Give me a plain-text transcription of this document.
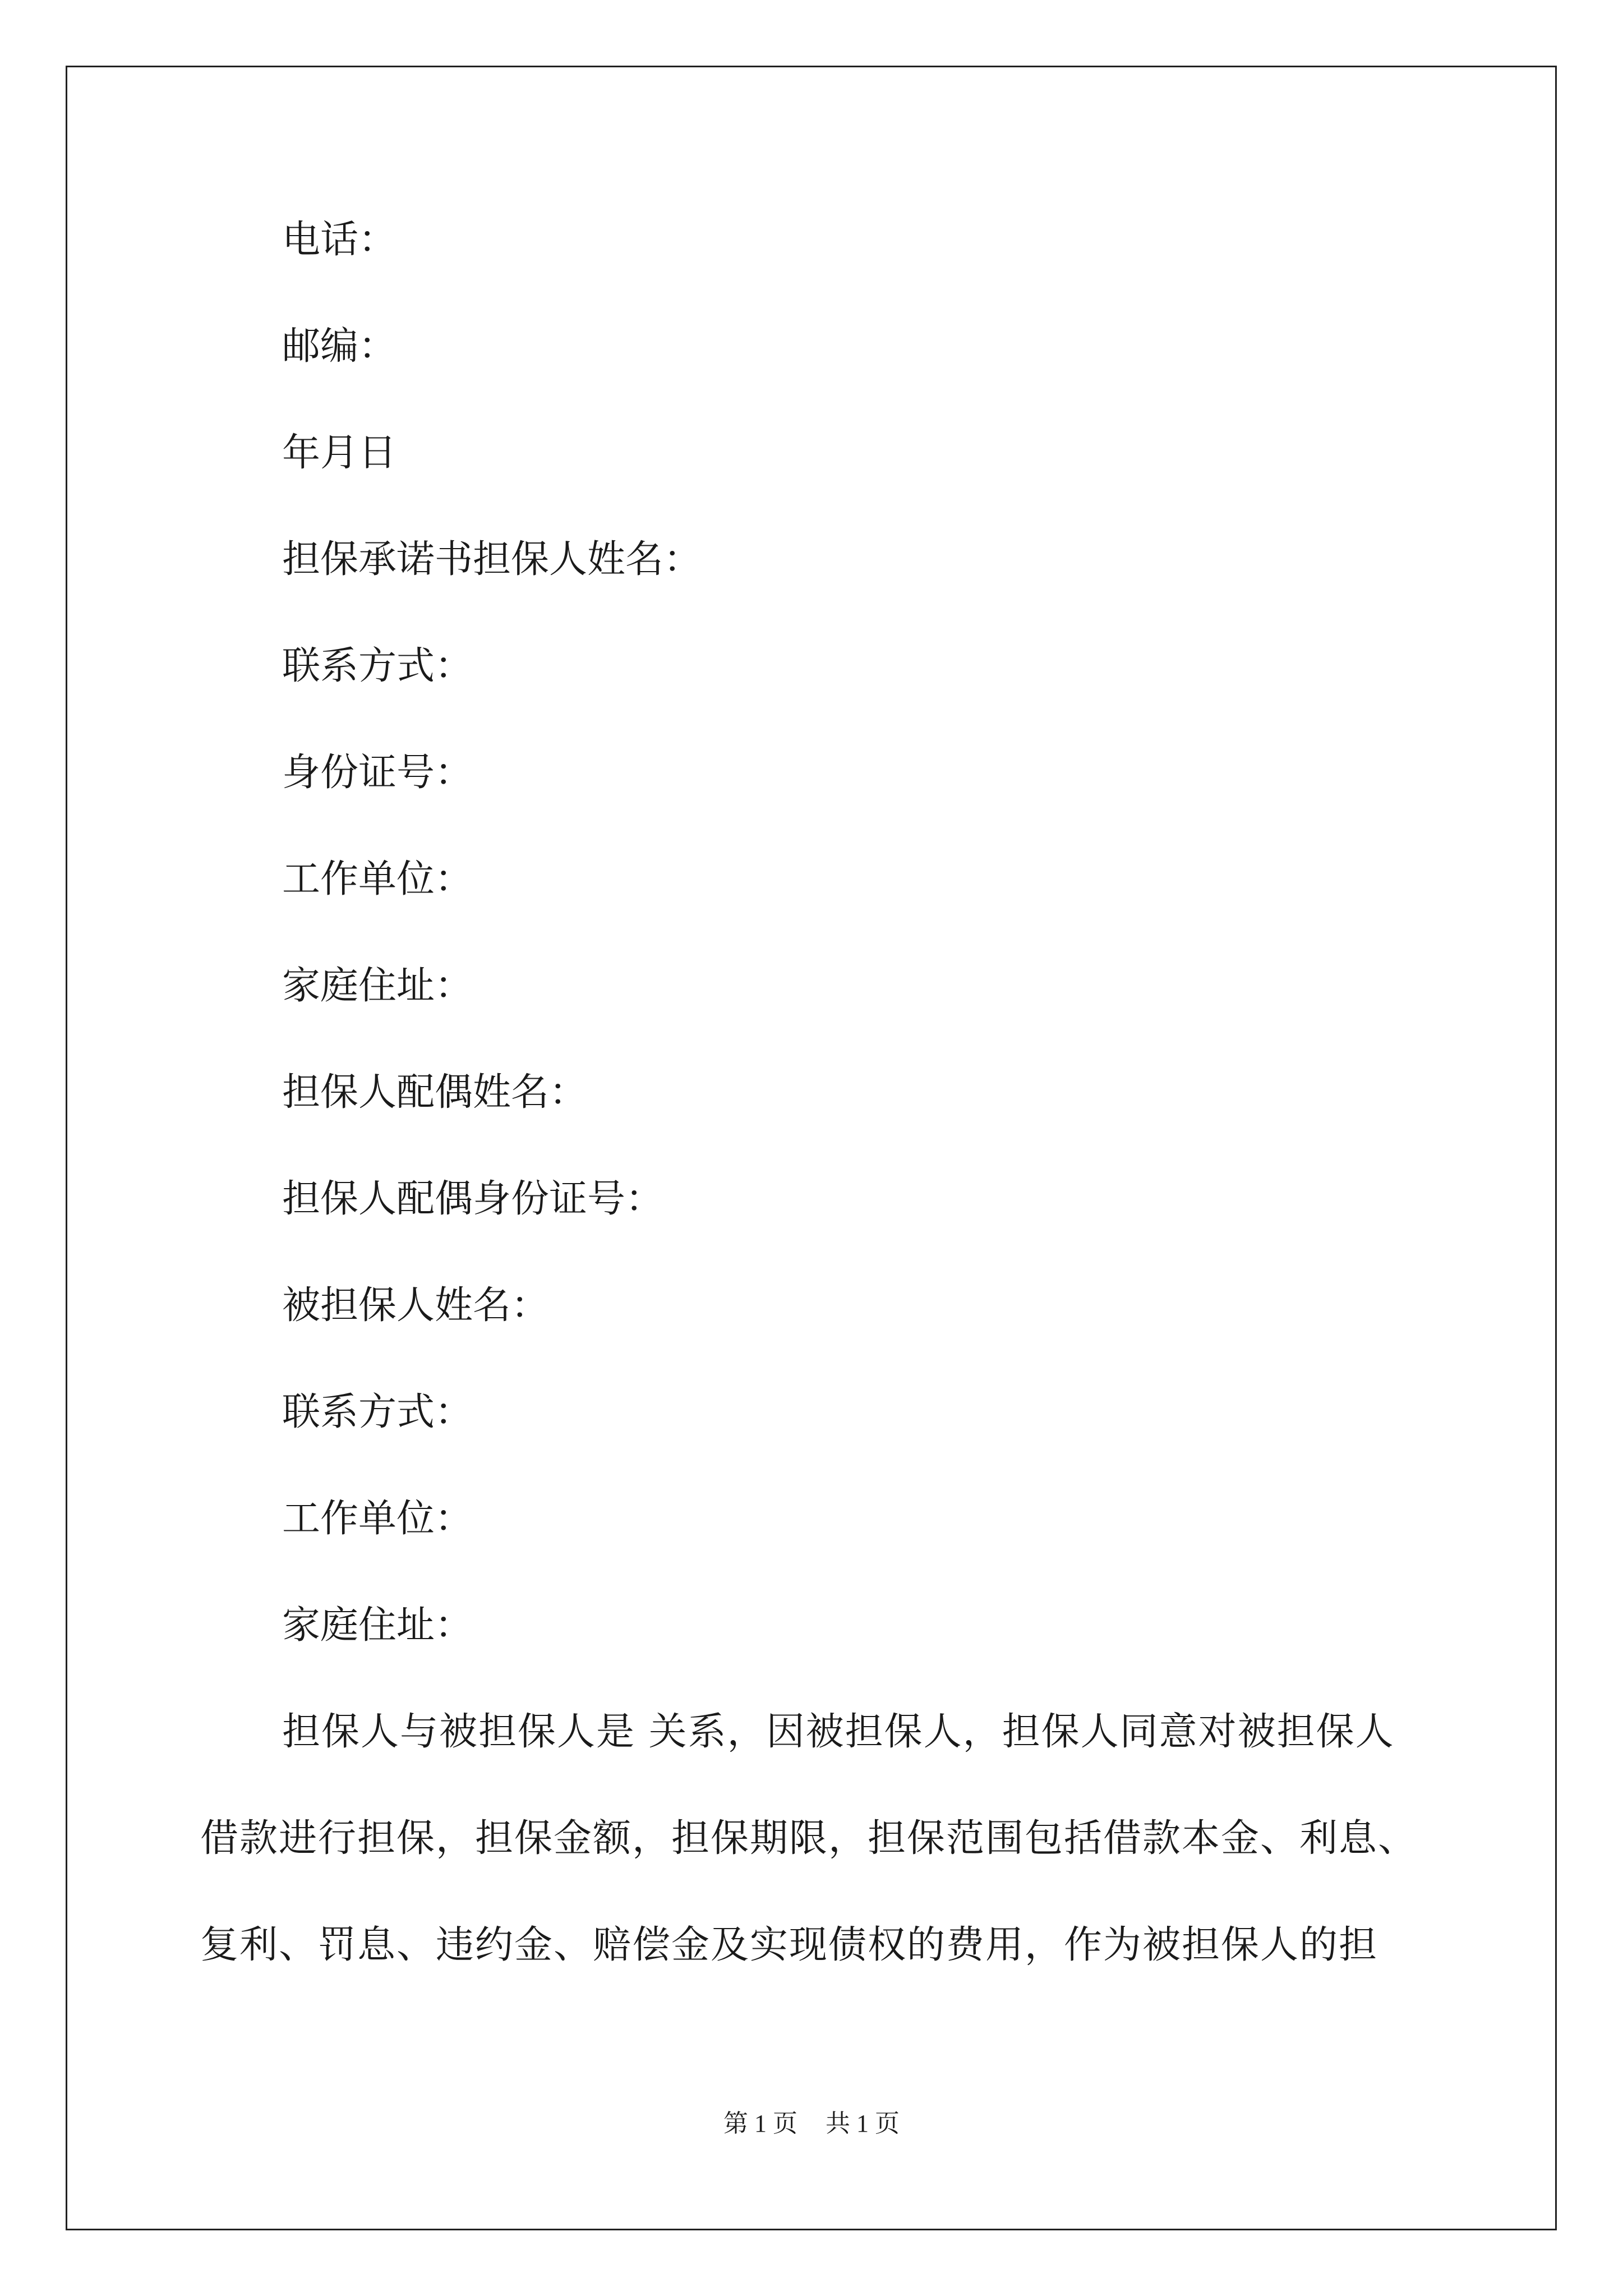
电话：
邮编：
年月日
担保承诺书担保人姓名：
联系方式：
身份证号：
工作单位：
家庭住址：
担保人配偶姓名：
担保人配偶身份证号：
被担保人姓名：
联系方式：
工作单位：
家庭住址：
担保人与被担保人是 关系，因被担保人，担保人同意对被担保人
借款进行担保，担保金额，担保期限，担保范围包括借款本金、利息、
复利、罚息、违约金、赔偿金及实现债权的费用，作为被担保人的担
第 1 页 共 1 页
